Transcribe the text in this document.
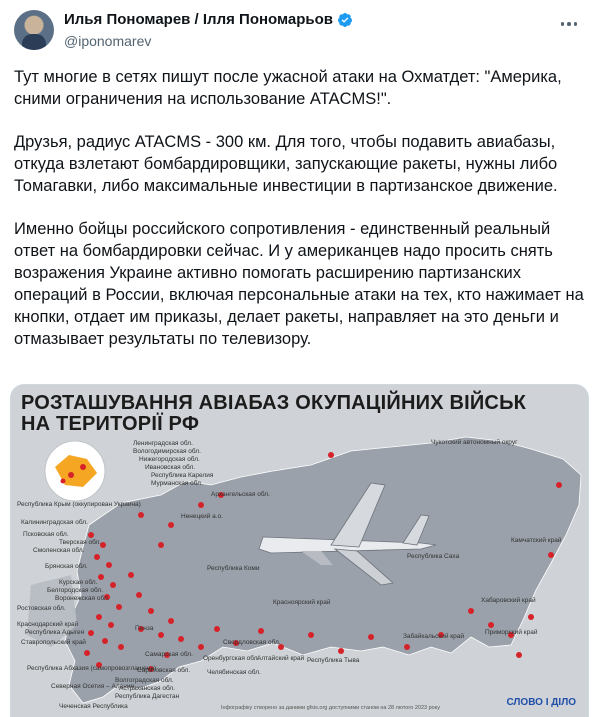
Илья Пономарев / Ілля Пономарьов
@iponomarev

Тут многие в сетях пишут после ужасной атаки на Охматдет: "Америка, сними ограничения на использование ATACMS!".

Друзья, радиус ATACMS - 300 км. Для того, чтобы подавить авиабазы, откуда взлетают бомбардировщики, запускающие ракеты, нужны либо Томагавки, либо максимальные инвестиции в партизанское движение.

Именно бойцы российского сопротивления - единственный реальный ответ на бомбардировки сейчас. И у американцев надо просить снять возражения Украине активно помогать расширению партизанских операций в России, включая персональные атаки на тех, кто нажимает на кнопки, отдает им приказы, делает ракеты, направляет на это деньги и отмазывает результаты по телевизору.

РОЗТАШУВАННЯ АВІАБАЗ ОКУПАЦІЙНИХ ВІЙСЬК
НА ТЕРИТОРІЇ РФ
Ленинградская обл.
Вологодимирская обл.
Нижегородская обл.
Ивановская обл.
Мурманская обл.
Республика Карелия
Архангельская обл.
Калининградская обл.
Псковская обл.
Тверская обл.
Смоленская обл.
Брянская обл.
Курская обл.
Белгородская обл.
Воронежская обл.
Ростовская обл.
Краснодарский край
Республика Адыгея
Ставропольский край
Республика Абхазия (самопровозглашена)
Республика Крым (оккупирован Украина)
Пенза
Самарская обл.
Саратовская обл.
Волгоградская обл.
Астраханская обл.
Республика Дагестан
Чеченская Республика
Северная Осетия – Алания
Оренбургская обл.
Челябинская обл.
Свердловская обл.
Алтайский край Республика Тыва
Красноярский край
Республика Саха
Республика Коми
Забайкальский край
Хабаровский край
Приморский край
Камчатский край
Чукотский автономный округ
Ненецкий а.о.
Інфографіку створено за даними gfsis.org доступними станом на 28 лютого 2023 року	СЛОВО І ДІЛО
